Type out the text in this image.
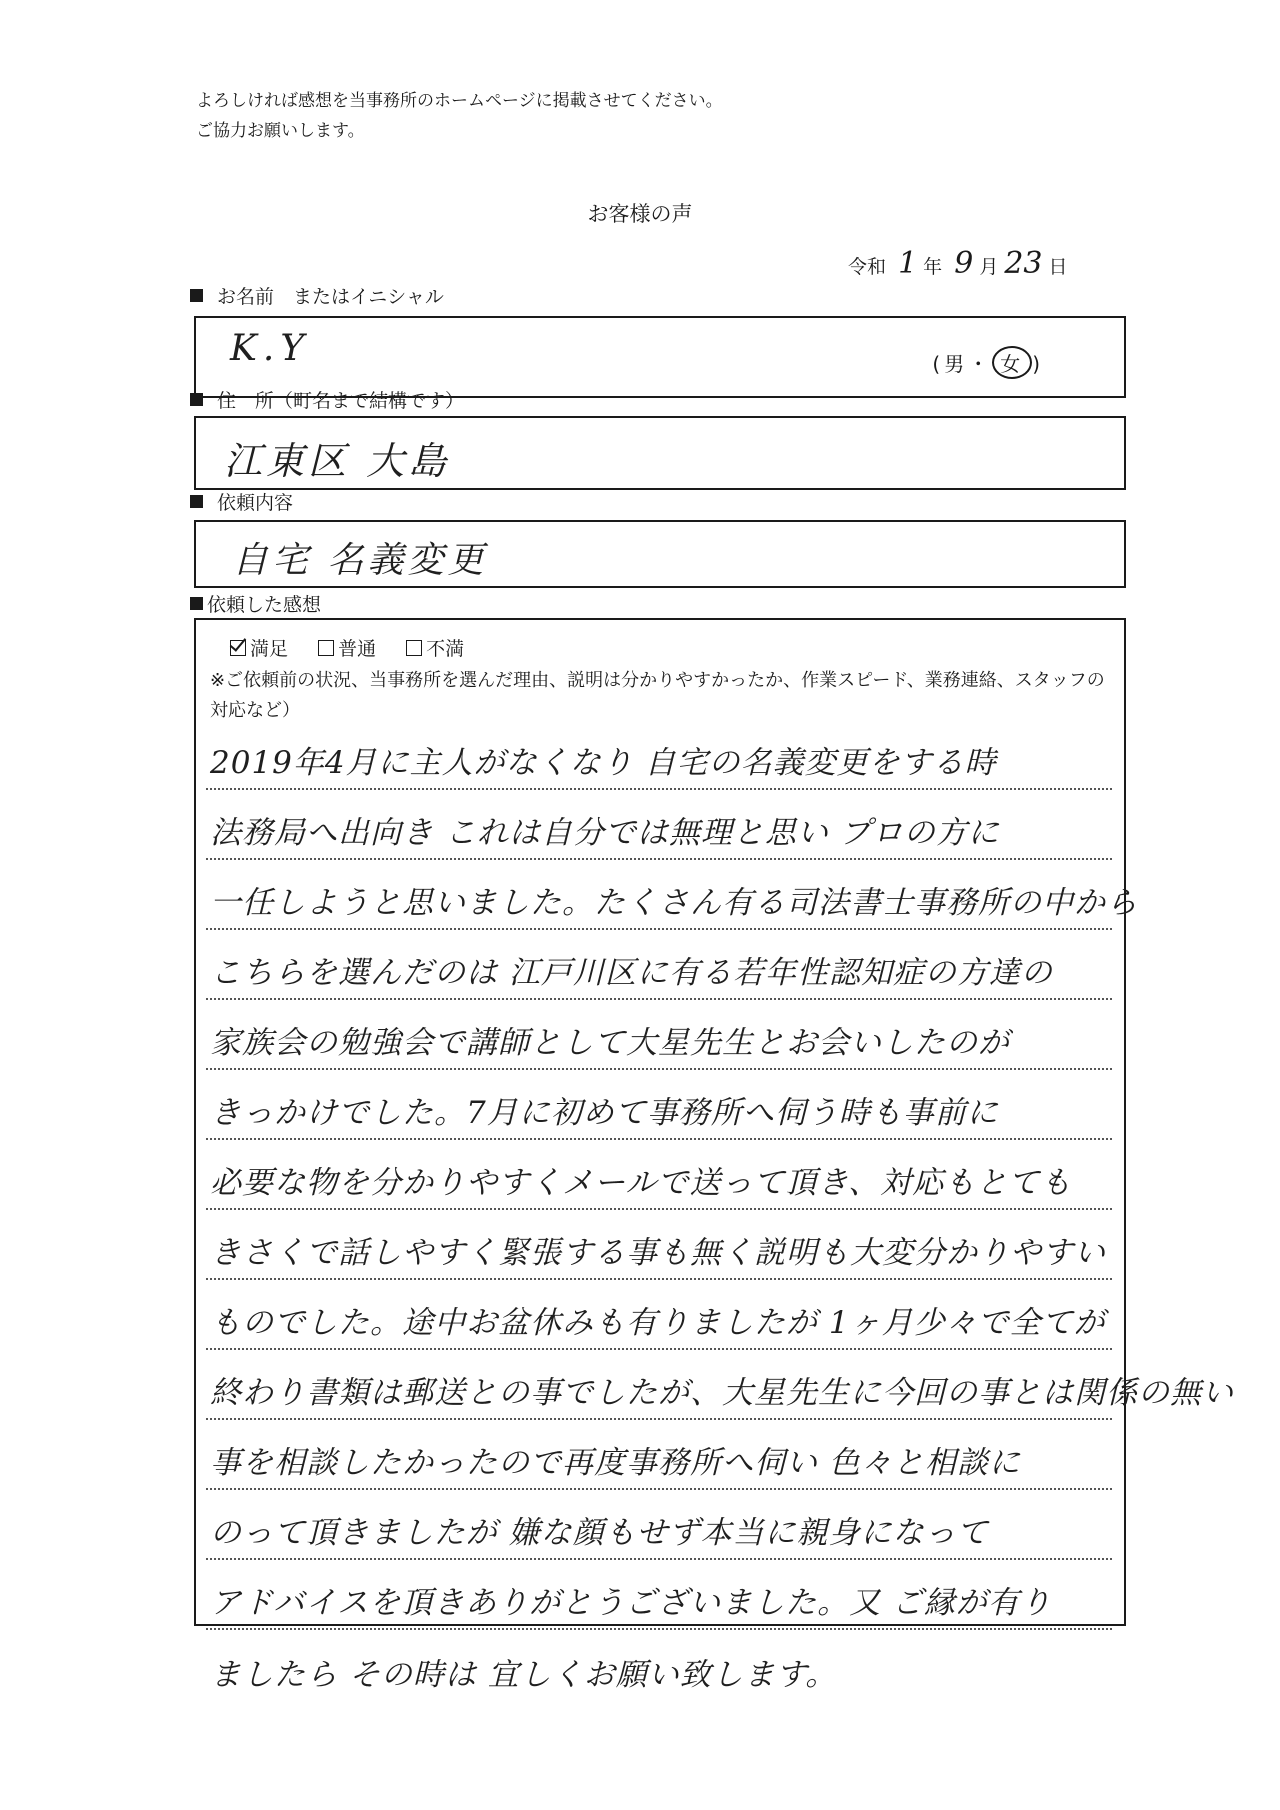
よろしければ感想を当事務所のホームページに掲載させてください。
ご協力お願いします。
お客様の声
令和 1 年 9 月 23 日
お名前　またはイニシャル
K.Y	(男・ 女 )
住　所（町名まで結構です）
江東区 大島
依頼内容
自宅 名義変更
依頼した感想
満足	普通	不満
※ご依頼前の状況、当事務所を選んだ理由、説明は分かりやすかったか、作業スピード、業務連絡、スタッフの対応など）
2019年4月に主人がなくなり 自宅の名義変更をする時
法務局へ出向き これは自分では無理と思い プロの方に
一任しようと思いました。たくさん有る司法書士事務所の中から
こちらを選んだのは 江戸川区に有る若年性認知症の方達の
家族会の勉強会で講師として大星先生とお会いしたのが
きっかけでした。7月に初めて事務所へ伺う時も事前に
必要な物を分かりやすくメールで送って頂き、対応もとても
きさくで話しやすく緊張する事も無く説明も大変分かりやすい
ものでした。途中お盆休みも有りましたが 1ヶ月少々で全てが
終わり書類は郵送との事でしたが、大星先生に今回の事とは関係の無い
事を相談したかったので再度事務所へ伺い 色々と相談に
のって頂きましたが 嫌な顔もせず本当に親身になって
アドバイスを頂きありがとうございました。又 ご縁が有り
ましたら その時は 宜しくお願い致します。
